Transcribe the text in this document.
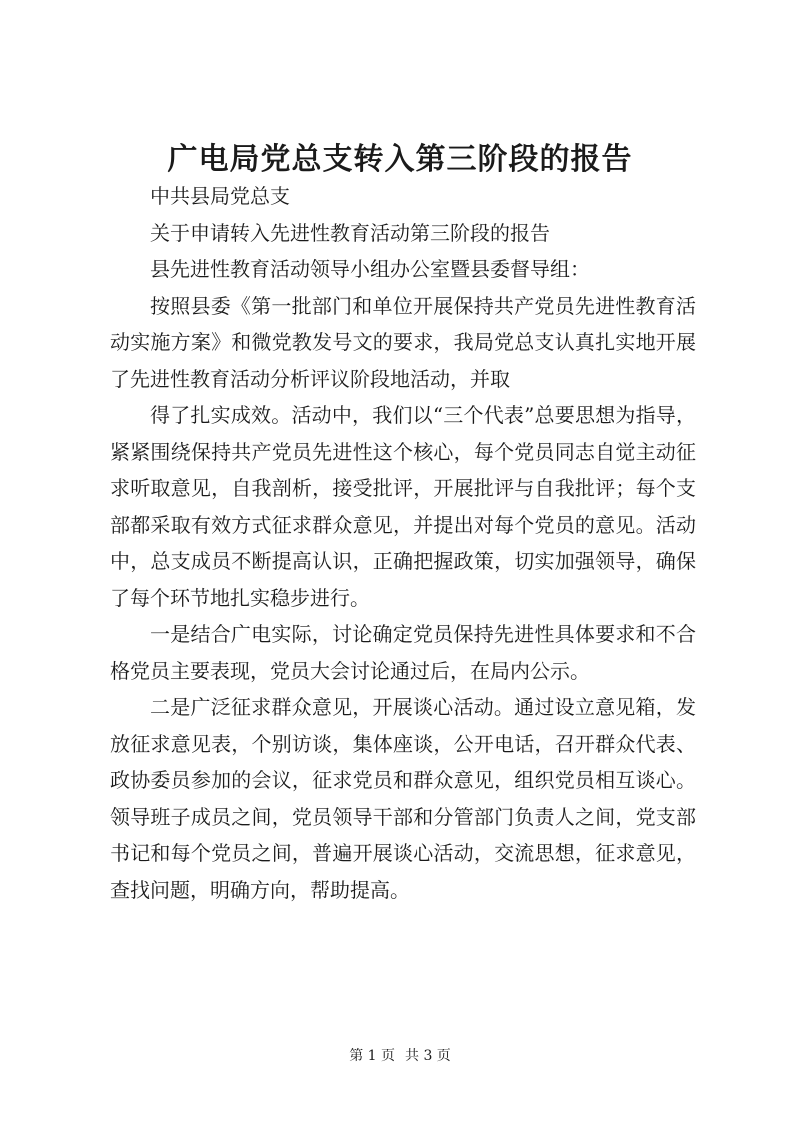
广电局党总支转入第三阶段的报告

中共县局党总支

关于申请转入先进性教育活动第三阶段的报告

县先进性教育活动领导小组办公室暨县委督导组：

按照县委《第一批部门和单位开展保持共产党员先进性教育活动实施方案》和微党教发号文的要求，我局党总支认真扎实地开展了先进性教育活动分析评议阶段地活动，并取

得了扎实成效。活动中，我们以“三个代表”总要思想为指导，紧紧围绕保持共产党员先进性这个核心，每个党员同志自觉主动征求听取意见，自我剖析，接受批评，开展批评与自我批评；每个支部都采取有效方式征求群众意见，并提出对每个党员的意见。活动中，总支成员不断提高认识，正确把握政策，切实加强领导，确保了每个环节地扎实稳步进行。

一是结合广电实际，讨论确定党员保持先进性具体要求和不合格党员主要表现，党员大会讨论通过后，在局内公示。

二是广泛征求群众意见，开展谈心活动。通过设立意见箱，发放征求意见表，个别访谈，集体座谈，公开电话，召开群众代表、政协委员参加的会议，征求党员和群众意见，组织党员相互谈心。领导班子成员之间，党员领导干部和分管部门负责人之间，党支部书记和每个党员之间，普遍开展谈心活动，交流思想，征求意见，查找问题，明确方向，帮助提高。

第 1 页 共 3 页
